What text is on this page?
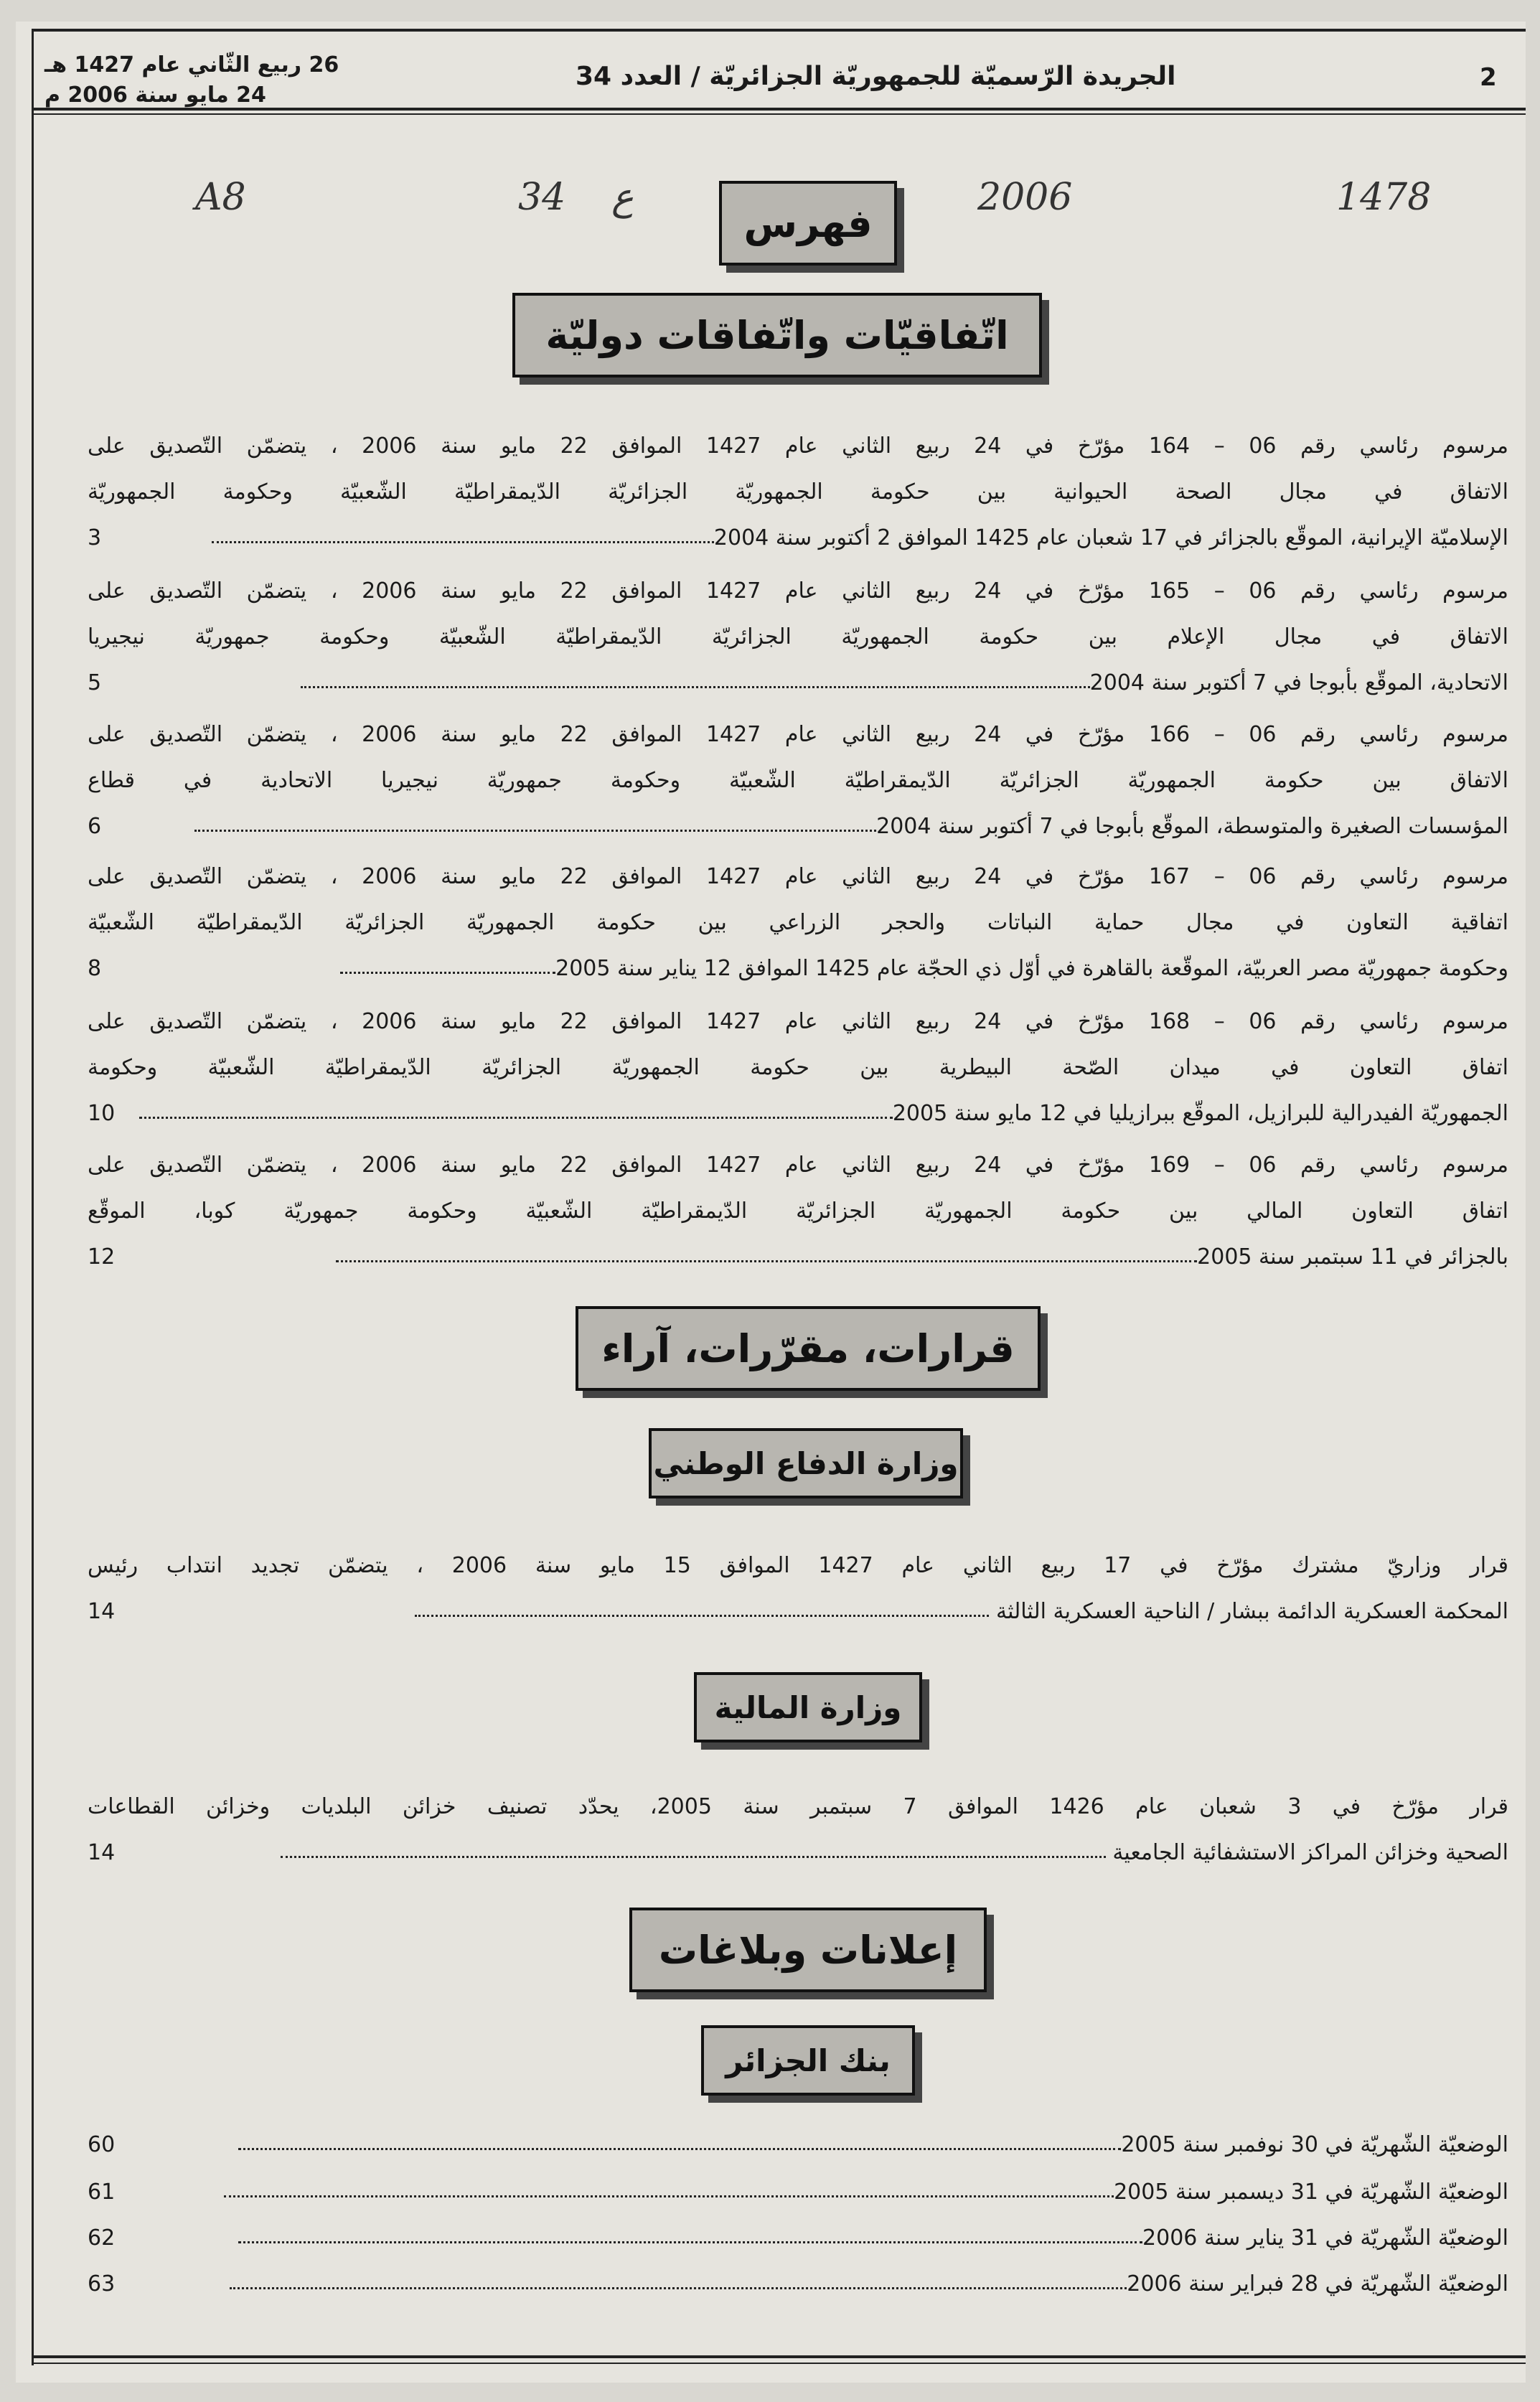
26 ربيع الثّاني عام 1427 هـ
24 مايو سنة 2006 م
الجريدة الرّسميّة للجمهوريّة الجزائريّة / العدد 34	2
A8	34 ع	2006	1478
فهرس
اتّفاقيّات واتّفاقات دوليّة
مرسوم رئاسي رقم 06 – 164 مؤرّخ في 24 ربيع الثاني عام 1427 الموافق 22 مايو سنة 2006 ، يتضمّن التّصديق على
الاتفاق في مجال الصحة الحيوانية بين حكومة الجمهوريّة الجزائريّة الدّيمقراطيّة الشّعبيّة وحكومة الجمهوريّة
الإسلاميّة الإيرانية، الموقّع بالجزائر في 17 شعبان عام 1425 الموافق 2 أكتوبر سنة 2004
3
مرسوم رئاسي رقم 06 – 165 مؤرّخ في 24 ربيع الثاني عام 1427 الموافق 22 مايو سنة 2006 ، يتضمّن التّصديق على
الاتفاق في مجال الإعلام بين حكومة الجمهوريّة الجزائريّة الدّيمقراطيّة الشّعبيّة وحكومة جمهوريّة نيجيريا
الاتحادية، الموقّع بأبوجا في 7 أكتوبر سنة 2004
5
مرسوم رئاسي رقم 06 – 166 مؤرّخ في 24 ربيع الثاني عام 1427 الموافق 22 مايو سنة 2006 ، يتضمّن التّصديق على
الاتفاق بين حكومة الجمهوريّة الجزائريّة الدّيمقراطيّة الشّعبيّة وحكومة جمهوريّة نيجيريا الاتحادية في قطاع
المؤسسات الصغيرة والمتوسطة، الموقّع بأبوجا في 7 أكتوبر سنة 2004
6
مرسوم رئاسي رقم 06 – 167 مؤرّخ في 24 ربيع الثاني عام 1427 الموافق 22 مايو سنة 2006 ، يتضمّن التّصديق على
اتفاقية التعاون في مجال حماية النباتات والحجر الزراعي بين حكومة الجمهوريّة الجزائريّة الدّيمقراطيّة الشّعبيّة
وحكومة جمهوريّة مصر العربيّة، الموقّعة بالقاهرة في أوّل ذي الحجّة عام 1425 الموافق 12 يناير سنة 2005
8
مرسوم رئاسي رقم 06 – 168 مؤرّخ في 24 ربيع الثاني عام 1427 الموافق 22 مايو سنة 2006 ، يتضمّن التّصديق على
اتفاق التعاون في ميدان الصّحة البيطرية بين حكومة الجمهوريّة الجزائريّة الدّيمقراطيّة الشّعبيّة وحكومة
الجمهوريّة الفيدرالية للبرازيل، الموقّع ببرازيليا في 12 مايو سنة 2005
10
مرسوم رئاسي رقم 06 – 169 مؤرّخ في 24 ربيع الثاني عام 1427 الموافق 22 مايو سنة 2006 ، يتضمّن التّصديق على
اتفاق التعاون المالي بين حكومة الجمهوريّة الجزائريّة الدّيمقراطيّة الشّعبيّة وحكومة جمهوريّة كوبا، الموقّع
بالجزائر في 11 سبتمبر سنة 2005
12
قرارات، مقرّرات، آراء
وزارة الدفاع الوطني
قرار وزاريّ مشترك مؤرّخ في 17 ربيع الثاني عام 1427 الموافق 15 مايو سنة 2006 ، يتضمّن تجديد انتداب رئيس
المحكمة العسكرية الدائمة ببشار / الناحية العسكرية الثالثة
14
وزارة المالية
قرار مؤرّخ في 3 شعبان عام 1426 الموافق 7 سبتمبر سنة 2005، يحدّد تصنيف خزائن البلديات وخزائن القطاعات
الصحية وخزائن المراكز الاستشفائية الجامعية
14
إعلانات وبلاغات
بنك الجزائر
الوضعيّة الشّهريّة في 30 نوفمبر سنة 2005
60
الوضعيّة الشّهريّة في 31 ديسمبر سنة 2005
61
الوضعيّة الشّهريّة في 31 يناير سنة 2006
62
الوضعيّة الشّهريّة في 28 فبراير سنة 2006
63
